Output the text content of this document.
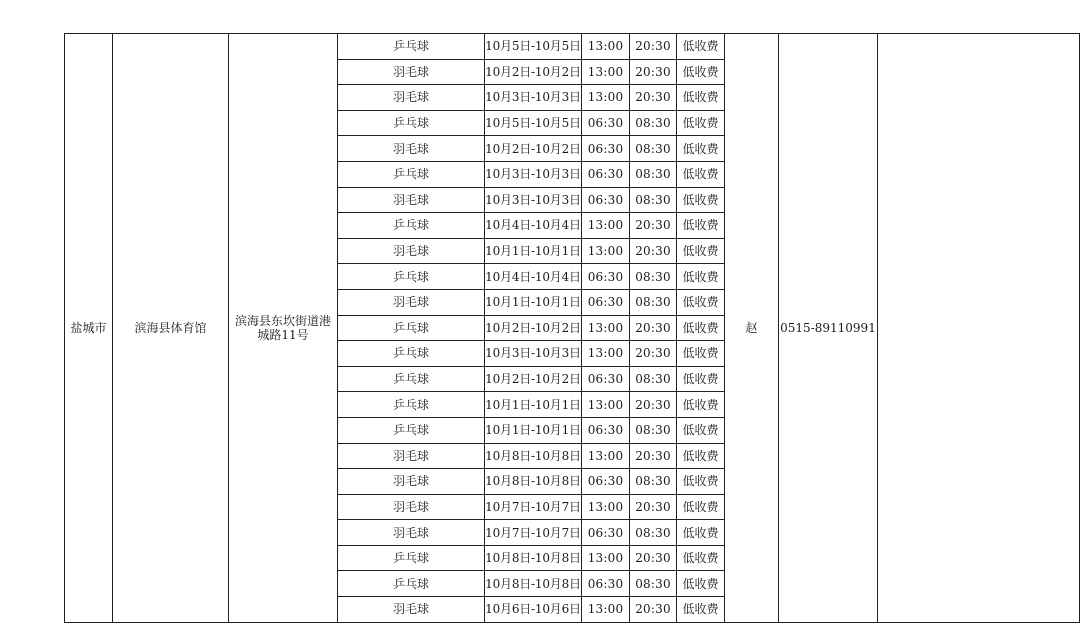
盐城市	滨海县体育馆	滨海县东坎街道港
城路11号	乒乓球	10月5日-10月5日	13:00	20:30	低收费	赵	0515-89110991	
			羽毛球	10月2日-10月2日	13:00	20:30	低收费			
			羽毛球	10月3日-10月3日	13:00	20:30	低收费			
			乒乓球	10月5日-10月5日	06:30	08:30	低收费			
			羽毛球	10月2日-10月2日	06:30	08:30	低收费			
			乒乓球	10月3日-10月3日	06:30	08:30	低收费			
			羽毛球	10月3日-10月3日	06:30	08:30	低收费			
			乒乓球	10月4日-10月4日	13:00	20:30	低收费			
			羽毛球	10月1日-10月1日	13:00	20:30	低收费			
			乒乓球	10月4日-10月4日	06:30	08:30	低收费			
			羽毛球	10月1日-10月1日	06:30	08:30	低收费			
			乒乓球	10月2日-10月2日	13:00	20:30	低收费			
			乒乓球	10月3日-10月3日	13:00	20:30	低收费			
			乒乓球	10月2日-10月2日	06:30	08:30	低收费			
			乒乓球	10月1日-10月1日	13:00	20:30	低收费			
			乒乓球	10月1日-10月1日	06:30	08:30	低收费			
			羽毛球	10月8日-10月8日	13:00	20:30	低收费			
			羽毛球	10月8日-10月8日	06:30	08:30	低收费			
			羽毛球	10月7日-10月7日	13:00	20:30	低收费			
			羽毛球	10月7日-10月7日	06:30	08:30	低收费			
			乒乓球	10月8日-10月8日	13:00	20:30	低收费			
			乒乓球	10月8日-10月8日	06:30	08:30	低收费			
			羽毛球	10月6日-10月6日	13:00	20:30	低收费			
